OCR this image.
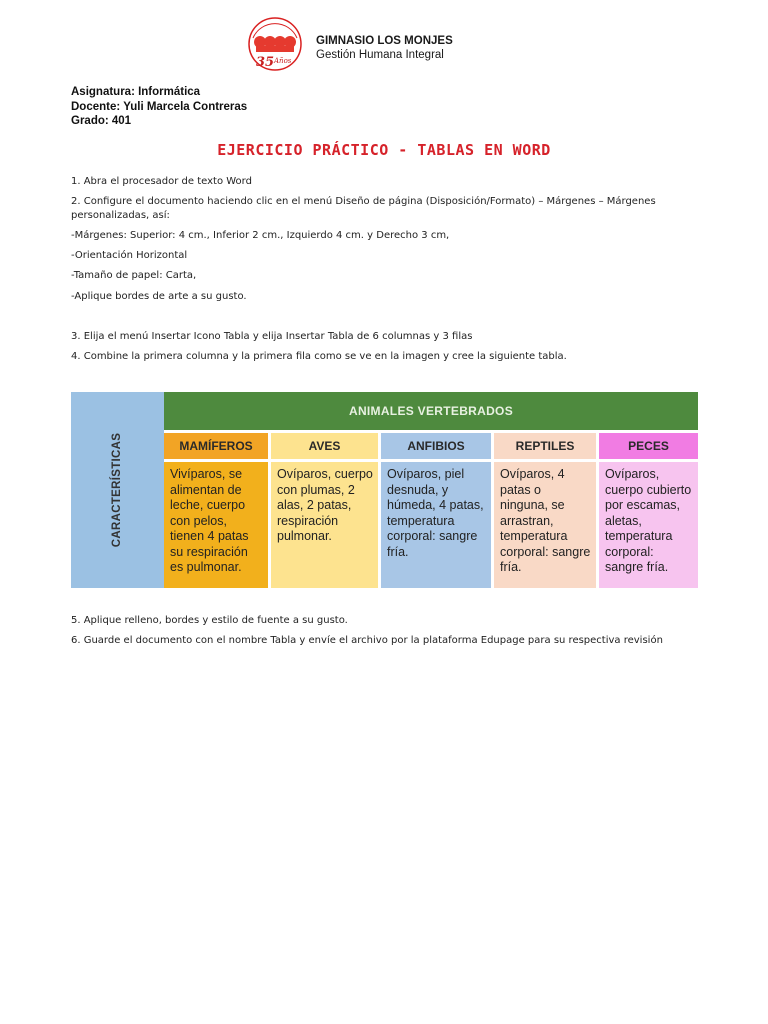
35 Años
GIMNASIO LOS MONJES
Gestión Humana Integral
Asignatura: Informática
Docente: Yuli Marcela Contreras
Grado: 401
EJERCICIO PRÁCTICO - TABLAS EN WORD
1. Abra el procesador de texto Word
2. Configure el documento haciendo clic en el menú Diseño de página (Disposición/Formato) – Márgenes – Márgenes personalizadas, así:
-Márgenes: Superior: 4 cm., Inferior 2 cm., Izquierdo 4 cm. y Derecho 3 cm,
-Orientación Horizontal
-Tamaño de papel: Carta,
-Aplique bordes de arte a su gusto.
3. Elija el menú Insertar Icono Tabla y elija Insertar Tabla de 6 columnas y 3 filas
4. Combine la primera columna y la primera fila como se ve en la imagen y cree la siguiente tabla.
CARACTERÍSTICAS
ANIMALES VERTEBRADOS
MAMÍFEROS
Vivíparos, se alimentan de leche, cuerpo con pelos, tienen 4 patas su respiración es pulmonar.
AVES
Ovíparos, cuerpo con plumas, 2 alas, 2 patas, respiración pulmonar.
ANFIBIOS
Ovíparos, piel desnuda, y húmeda, 4 patas, temperatura corporal: sangre fría.
REPTILES
Ovíparos, 4 patas o ninguna, se arrastran, temperatura corporal: sangre fría.
PECES
Ovíparos, cuerpo cubierto por escamas, aletas, temperatura corporal: sangre fría.
5. Aplique relleno, bordes y estilo de fuente a su gusto.
6. Guarde el documento con el nombre Tabla y envíe el archivo por la plataforma Edupage para su respectiva revisión
